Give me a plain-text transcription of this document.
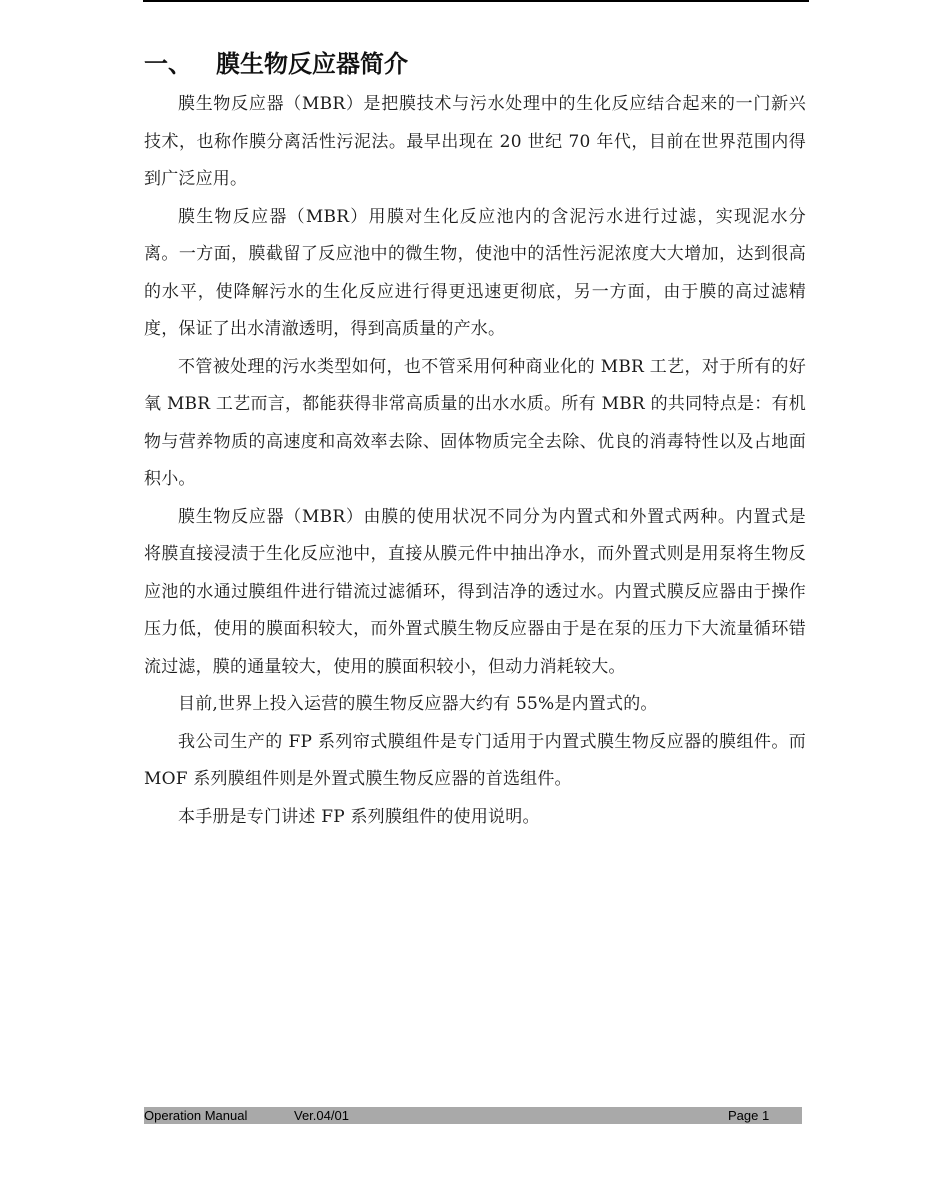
一、 膜生物反应器简介

膜生物反应器（MBR）是把膜技术与污水处理中的生化反应结合起来的一门新兴技术，也称作膜分离活性污泥法。最早出现在 20 世纪 70 年代，目前在世界范围内得到广泛应用。

膜生物反应器（MBR）用膜对生化反应池内的含泥污水进行过滤，实现泥水分离。一方面，膜截留了反应池中的微生物，使池中的活性污泥浓度大大增加，达到很高的水平，使降解污水的生化反应进行得更迅速更彻底，另一方面，由于膜的高过滤精度，保证了出水清澈透明，得到高质量的产水。

不管被处理的污水类型如何，也不管采用何种商业化的 MBR 工艺，对于所有的好氧 MBR 工艺而言，都能获得非常高质量的出水水质。所有 MBR 的共同特点是：有机物与营养物质的高速度和高效率去除、固体物质完全去除、优良的消毒特性以及占地面积小。

膜生物反应器（MBR）由膜的使用状况不同分为内置式和外置式两种。内置式是将膜直接浸渍于生化反应池中，直接从膜元件中抽出净水，而外置式则是用泵将生物反应池的水通过膜组件进行错流过滤循环，得到洁净的透过水。内置式膜反应器由于操作压力低，使用的膜面积较大，而外置式膜生物反应器由于是在泵的压力下大流量循环错流过滤，膜的通量较大，使用的膜面积较小，但动力消耗较大。

目前,世界上投入运营的膜生物反应器大约有 55%是内置式的。

我公司生产的 FP 系列帘式膜组件是专门适用于内置式膜生物反应器的膜组件。而 MOF 系列膜组件则是外置式膜生物反应器的首选组件。

本手册是专门讲述 FP 系列膜组件的使用说明。

Operation Manual	Ver.04/01	Page 1
